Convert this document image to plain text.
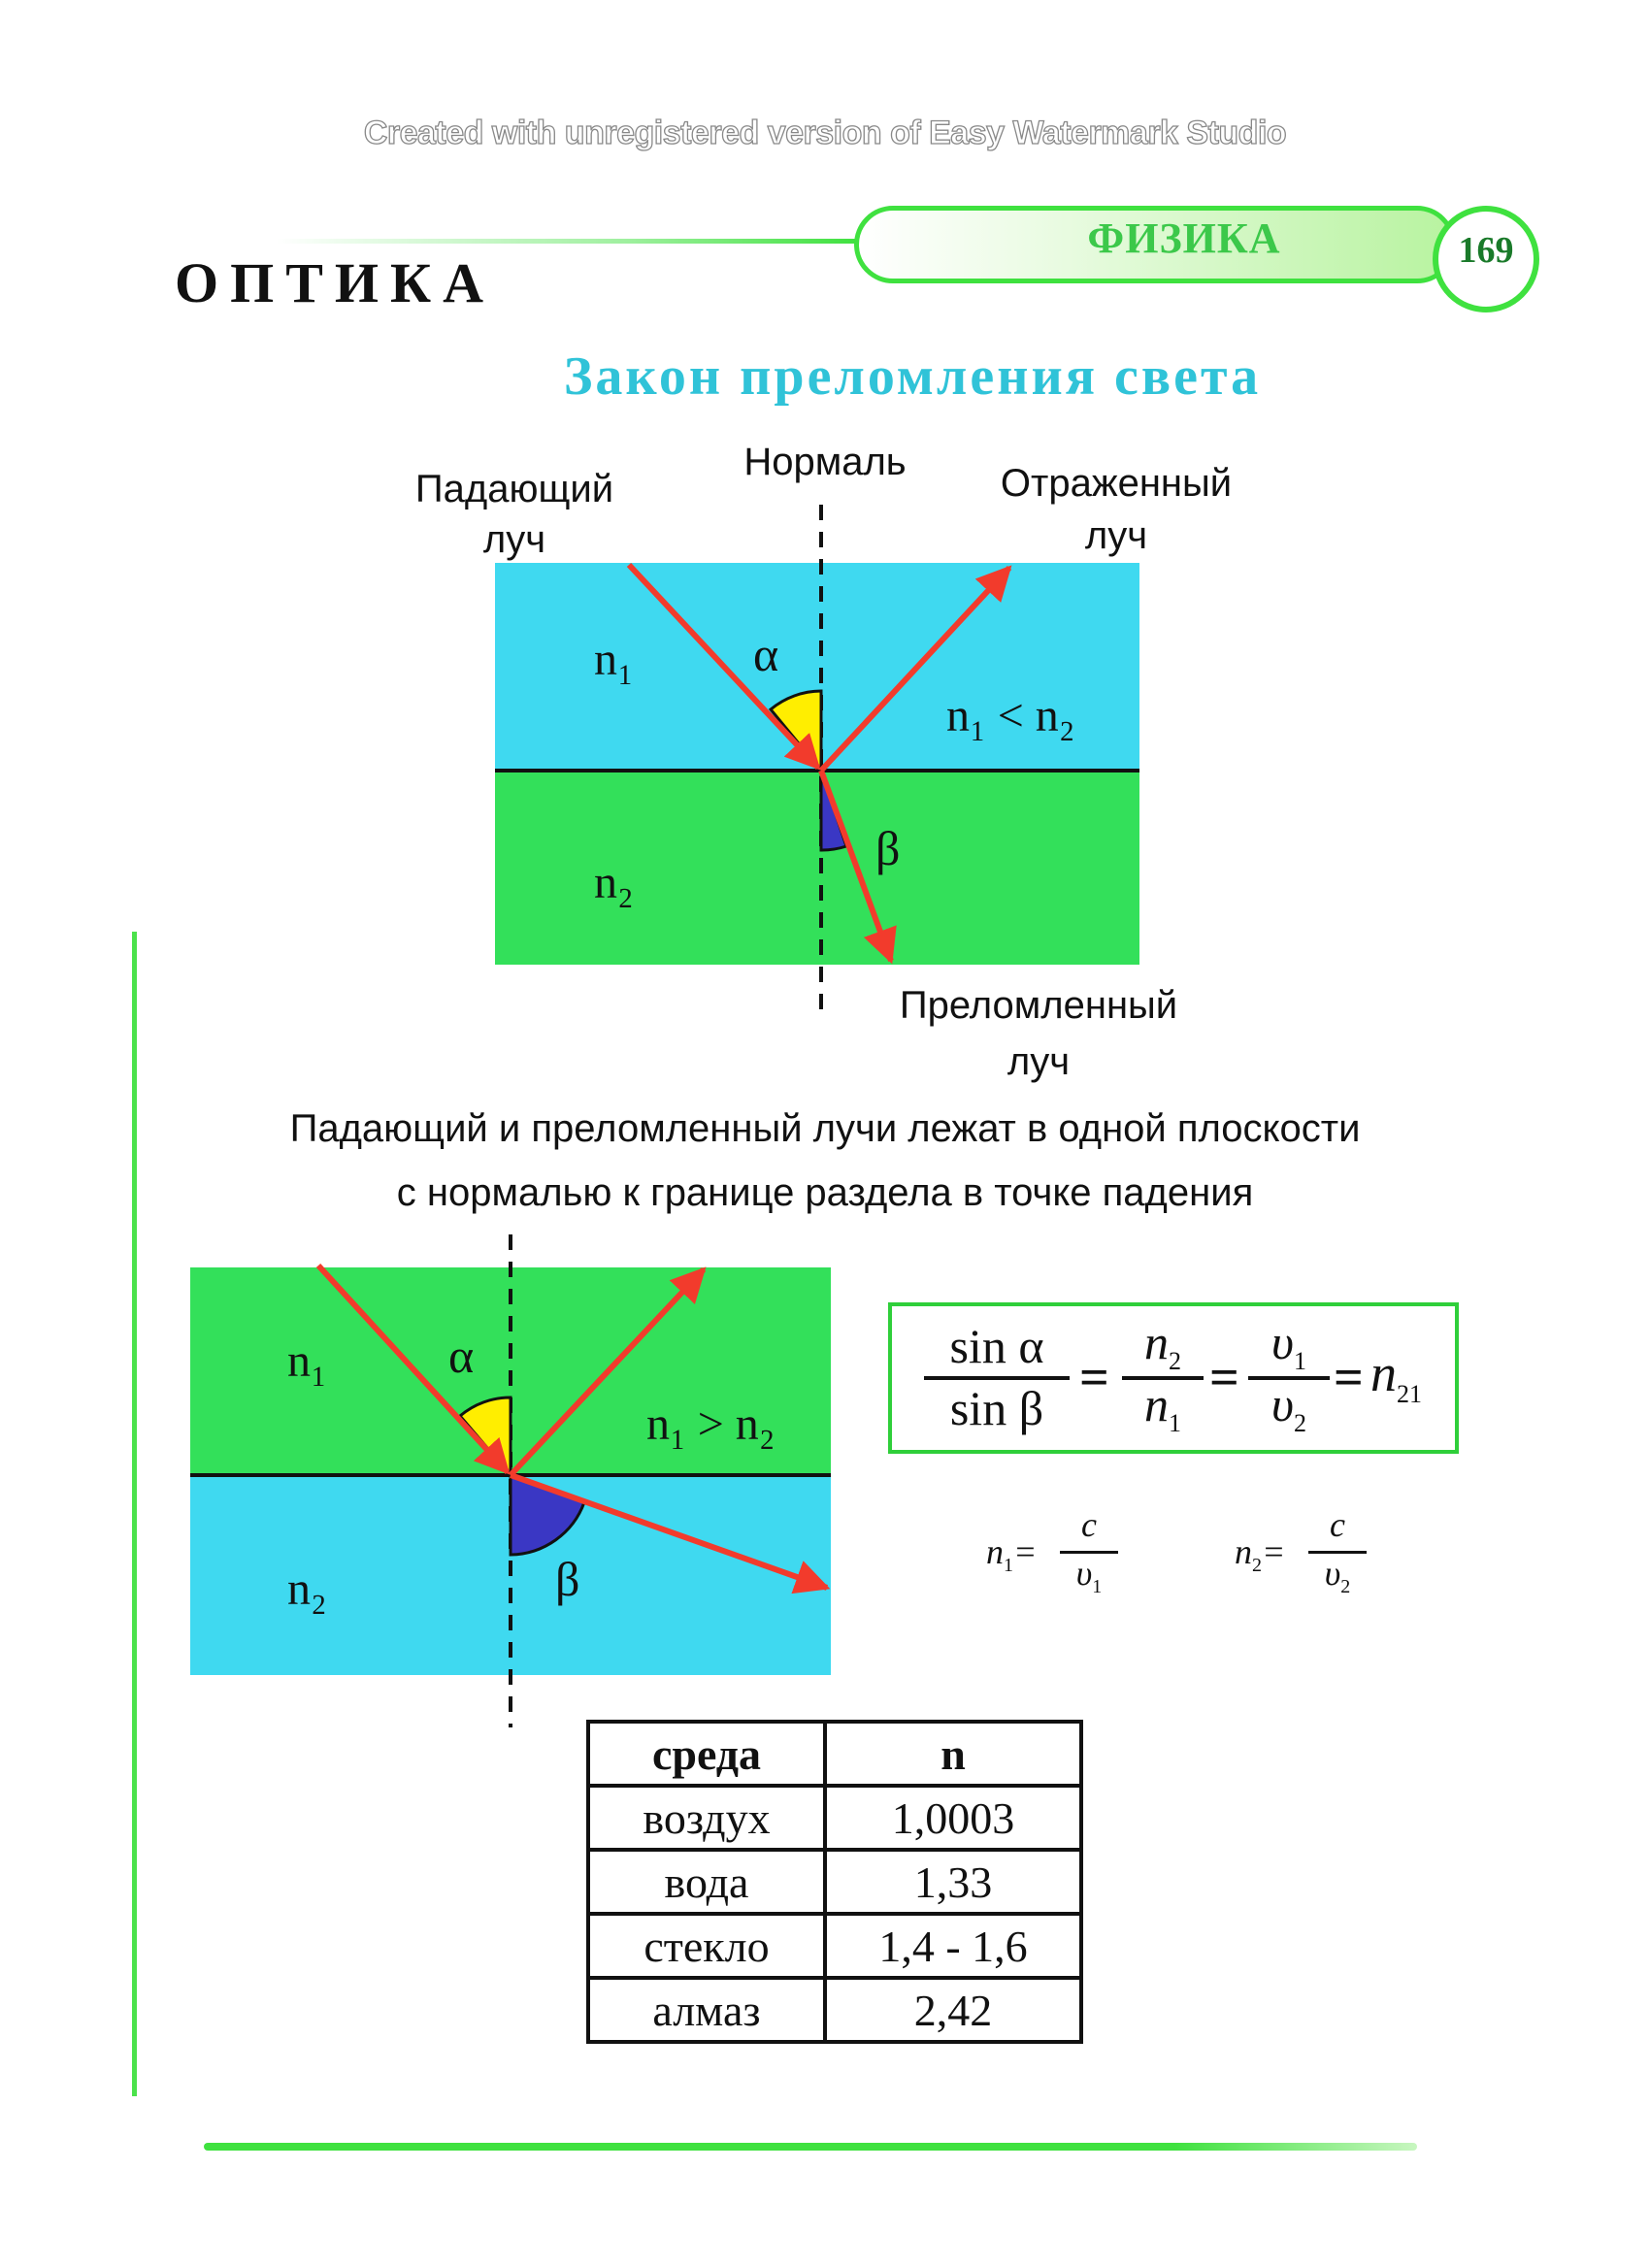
Created with unregistered version of Easy Watermark Studio
ОПТИКА
ФИЗИКА	169
Закон преломления света
Падающий
луч
Нормаль	Отраженный
луч
Преломленный
луч
n₁
n₂
n₁ < n₂
α
β
Падающий и преломленный лучи лежат в одной плоскости
с нормалью к границе раздела в точке падения
n₁
n₂
n₁ > n₂
α
β
sin α
sin β
=
$n_2$
$n_1$
=
$\upsilon_1$
$\upsilon_2$
= $n_{21}$
$n_1=$
c
$\upsilon_1$
$n_2=$
c
$\upsilon_2$
среда	n
воздух	1,0003
вода	1,33
стекло	1,4 - 1,6
алмаз	2,42
